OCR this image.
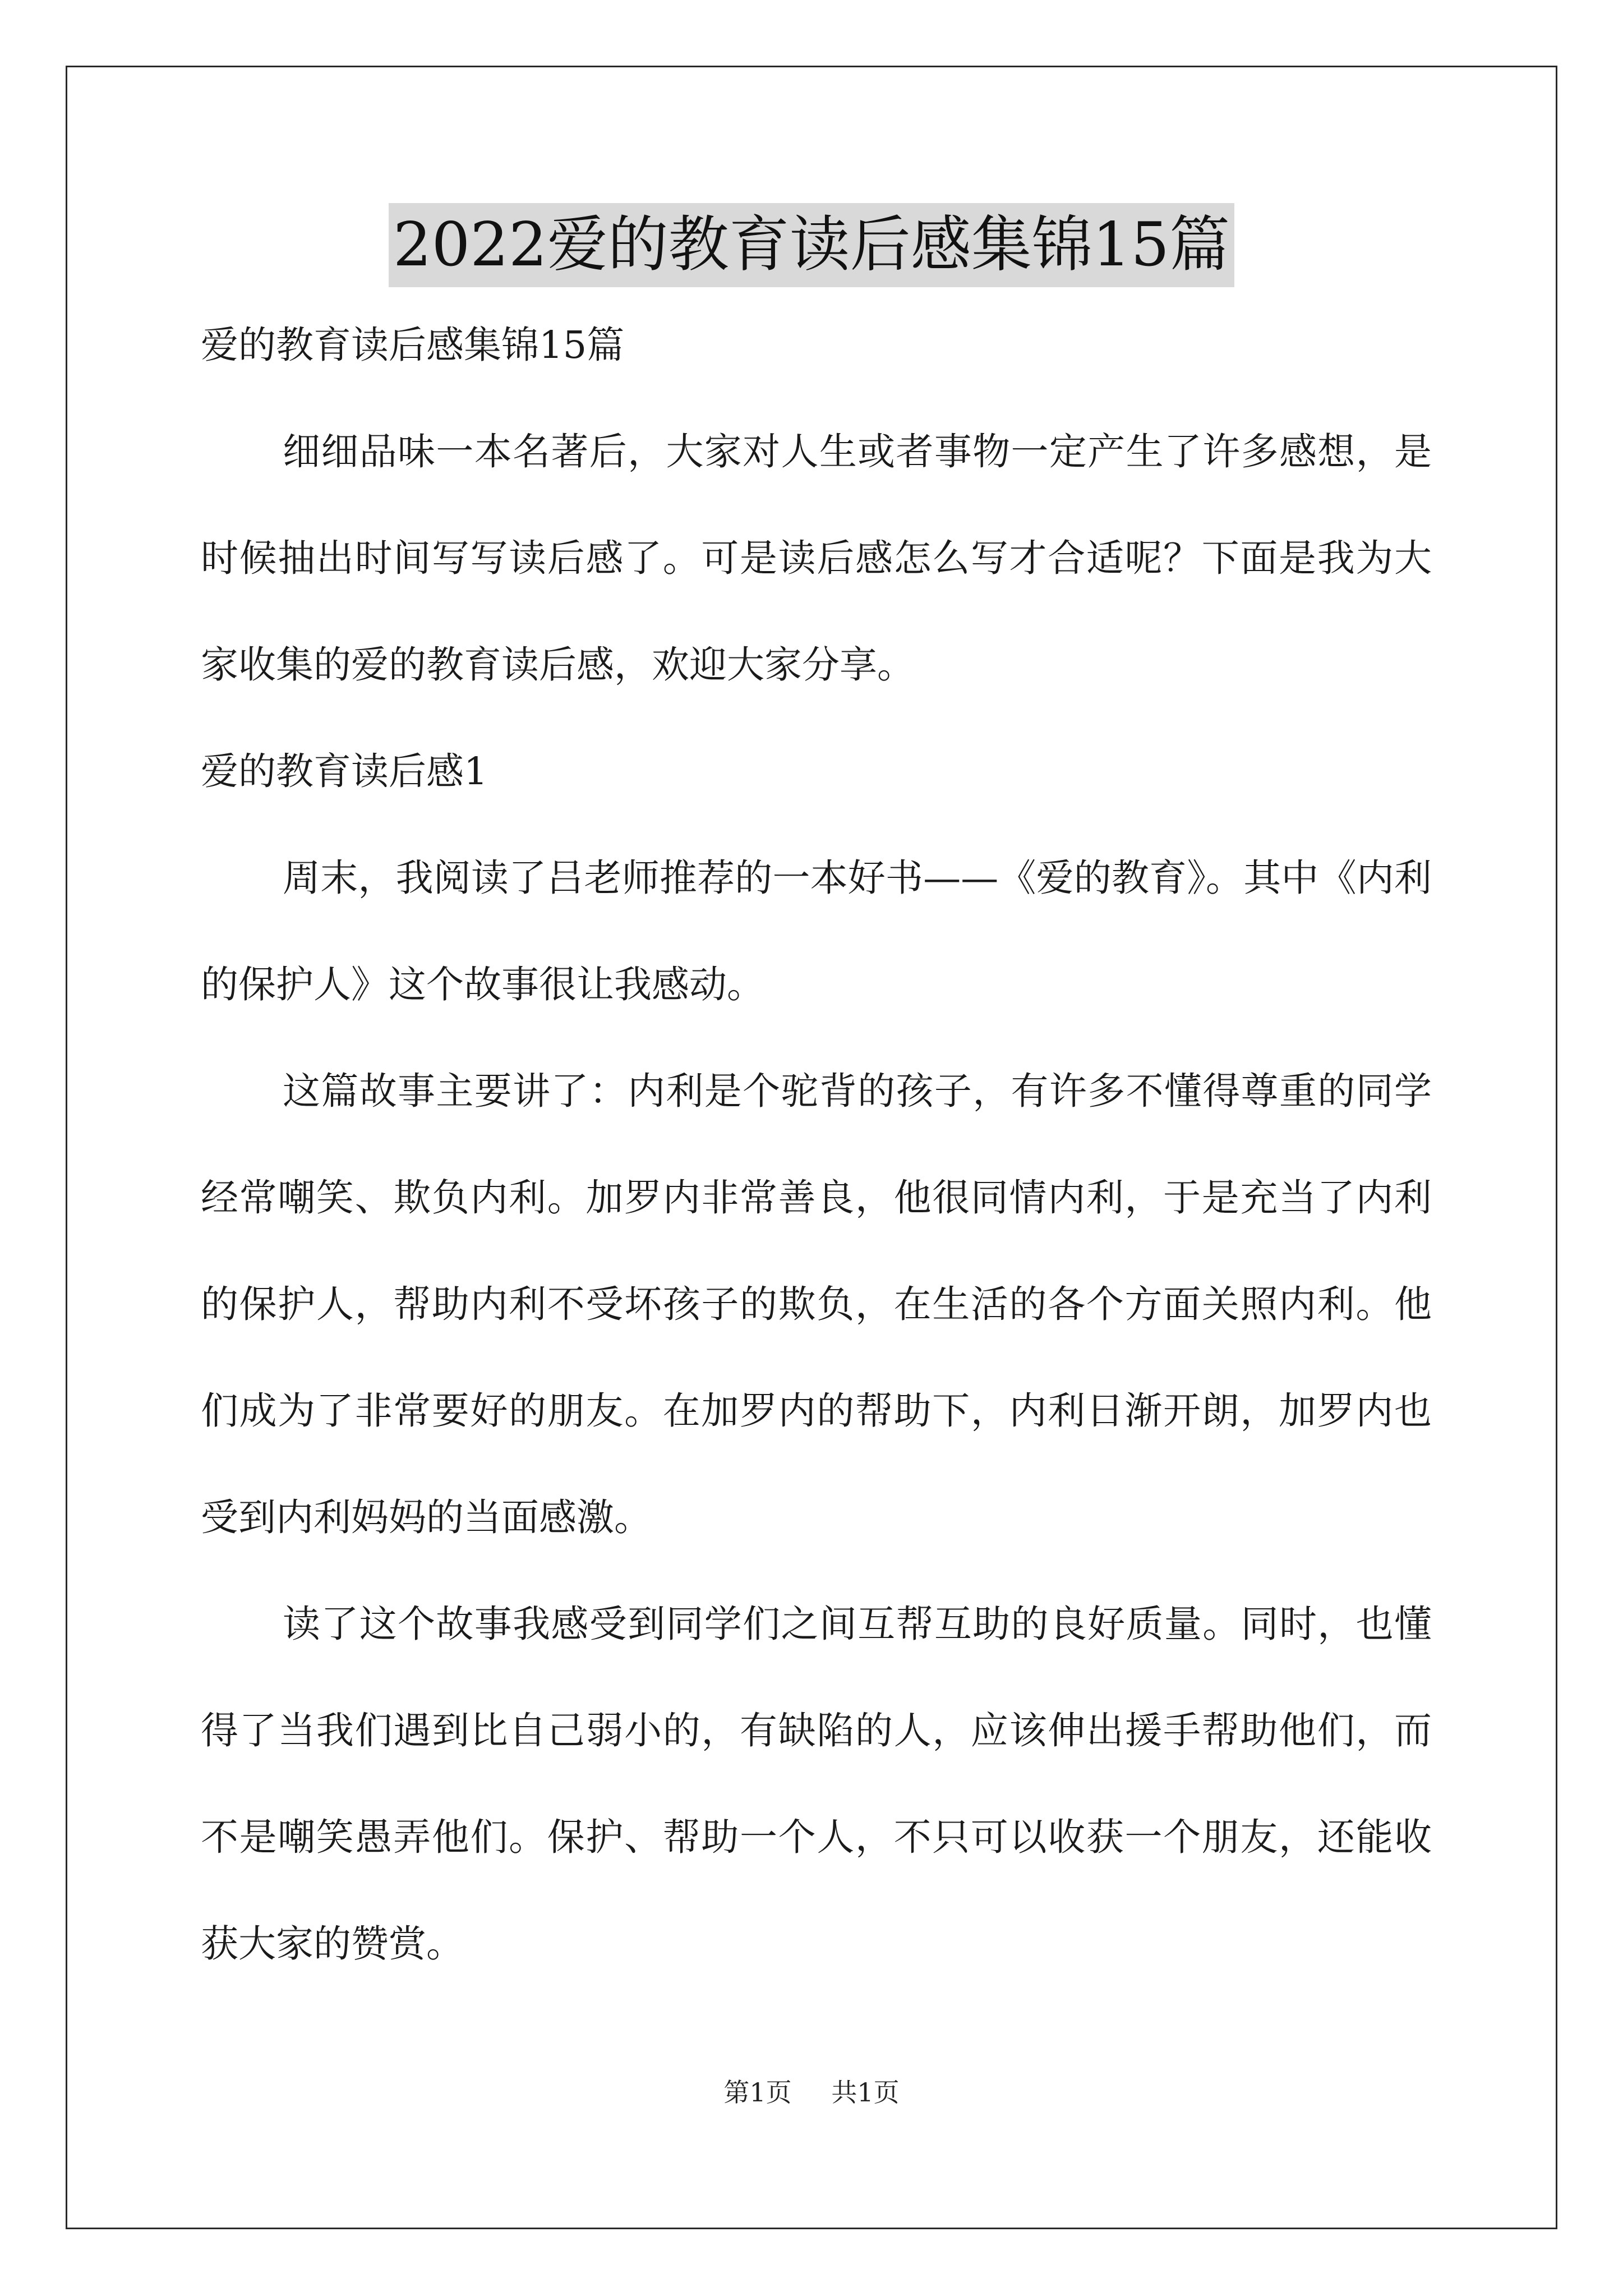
2022爱的教育读后感集锦15篇

爱的教育读后感集锦15篇

细细品味一本名著后，大家对人生或者事物一定产生了许多感想，是时候抽出时间写写读后感了。可是读后感怎么写才合适呢？下面是我为大家收集的爱的教育读后感，欢迎大家分享。

爱的教育读后感1

周末，我阅读了吕老师推荐的一本好书——《爱的教育》。其中《内利的保护人》这个故事很让我感动。

这篇故事主要讲了：内利是个驼背的孩子，有许多不懂得尊重的同学经常嘲笑、欺负内利。加罗内非常善良，他很同情内利，于是充当了内利的保护人，帮助内利不受坏孩子的欺负，在生活的各个方面关照内利。他们成为了非常要好的朋友。在加罗内的帮助下，内利日渐开朗，加罗内也受到内利妈妈的当面感激。

读了这个故事我感受到同学们之间互帮互助的良好质量。同时，也懂得了当我们遇到比自己弱小的，有缺陷的人，应该伸出援手帮助他们，而不是嘲笑愚弄他们。保护、帮助一个人，不只可以收获一个朋友，还能收获大家的赞赏。

第1页 共1页
